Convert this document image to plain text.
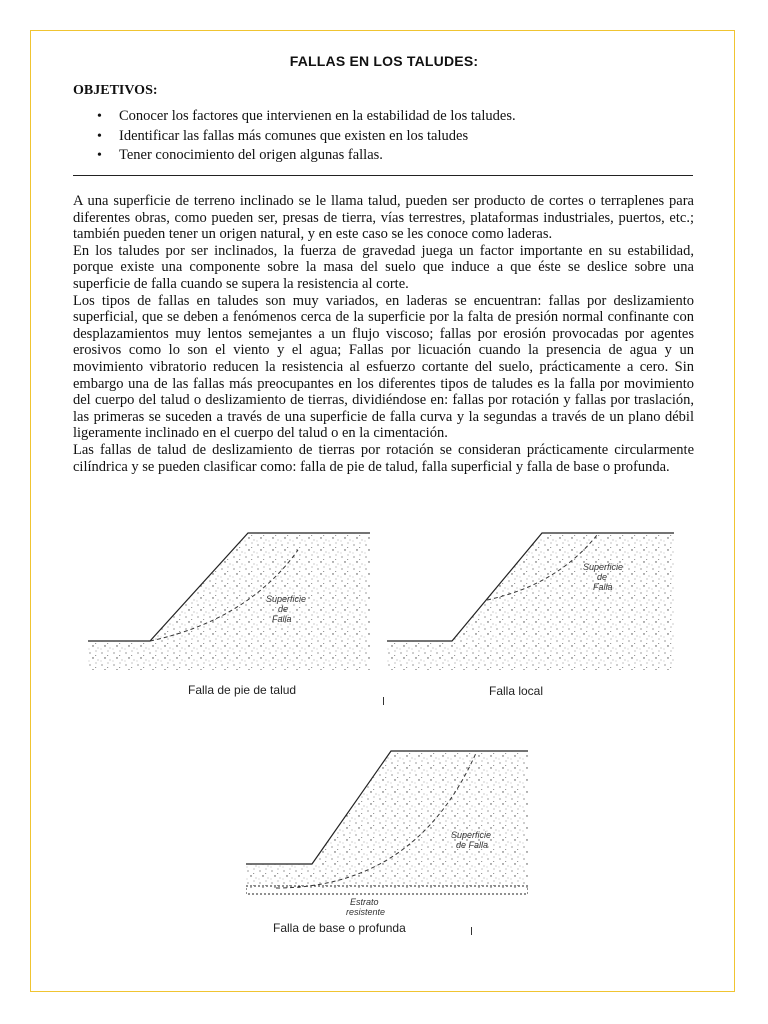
FALLAS EN LOS TALUDES:
OBJETIVOS:
• Conocer los factores que intervienen en la estabilidad de los taludes.
• Identificar las fallas más comunes que existen en los taludes
• Tener conocimiento del origen algunas fallas.

A una superficie de terreno inclinado se le llama talud, pueden ser producto de cortes o terraplenes para diferentes obras, como pueden ser, presas de tierra, vías terrestres, plataformas industriales, puertos, etc.; también pueden tener un origen natural, y en este caso se les conoce como laderas.

En los taludes por ser inclinados, la fuerza de gravedad juega un factor importante en su estabilidad, porque existe una componente sobre la masa del suelo que induce a que éste se deslice sobre una superficie de falla cuando se supera la resistencia al corte.

Los tipos de fallas en taludes son muy variados, en laderas se encuentran: fallas por deslizamiento superficial, que se deben a fenómenos cerca de la superficie por la falta de presión normal confinante con desplazamientos muy lentos semejantes a un flujo viscoso; fallas por erosión provocadas por agentes erosivos como lo son el viento y el agua; Fallas por licuación cuando la presencia de agua y un movimiento vibratorio reducen la resistencia al esfuerzo cortante del suelo, prácticamente a cero. Sin embargo una de las fallas más preocupantes en los diferentes tipos de taludes es la falla por movimiento del cuerpo del talud o deslizamiento de tierras, dividiéndose en: fallas por rotación y fallas por traslación, las primeras se suceden a través de una superficie de falla curva y la segundas a través de un plano débil ligeramente inclinado en el cuerpo del talud o en la cimentación.

Las fallas de talud de deslizamiento de tierras por rotación se consideran prácticamente circularmente cilíndrica y se pueden clasificar como: falla de pie de talud, falla superficial y falla de base o profunda.

Superficie
de
Falla
Falla de pie de talud
Superficie
de
Falla
Falla local
Superficie
de Falla
Estrato
resistente
Falla de base o profunda
